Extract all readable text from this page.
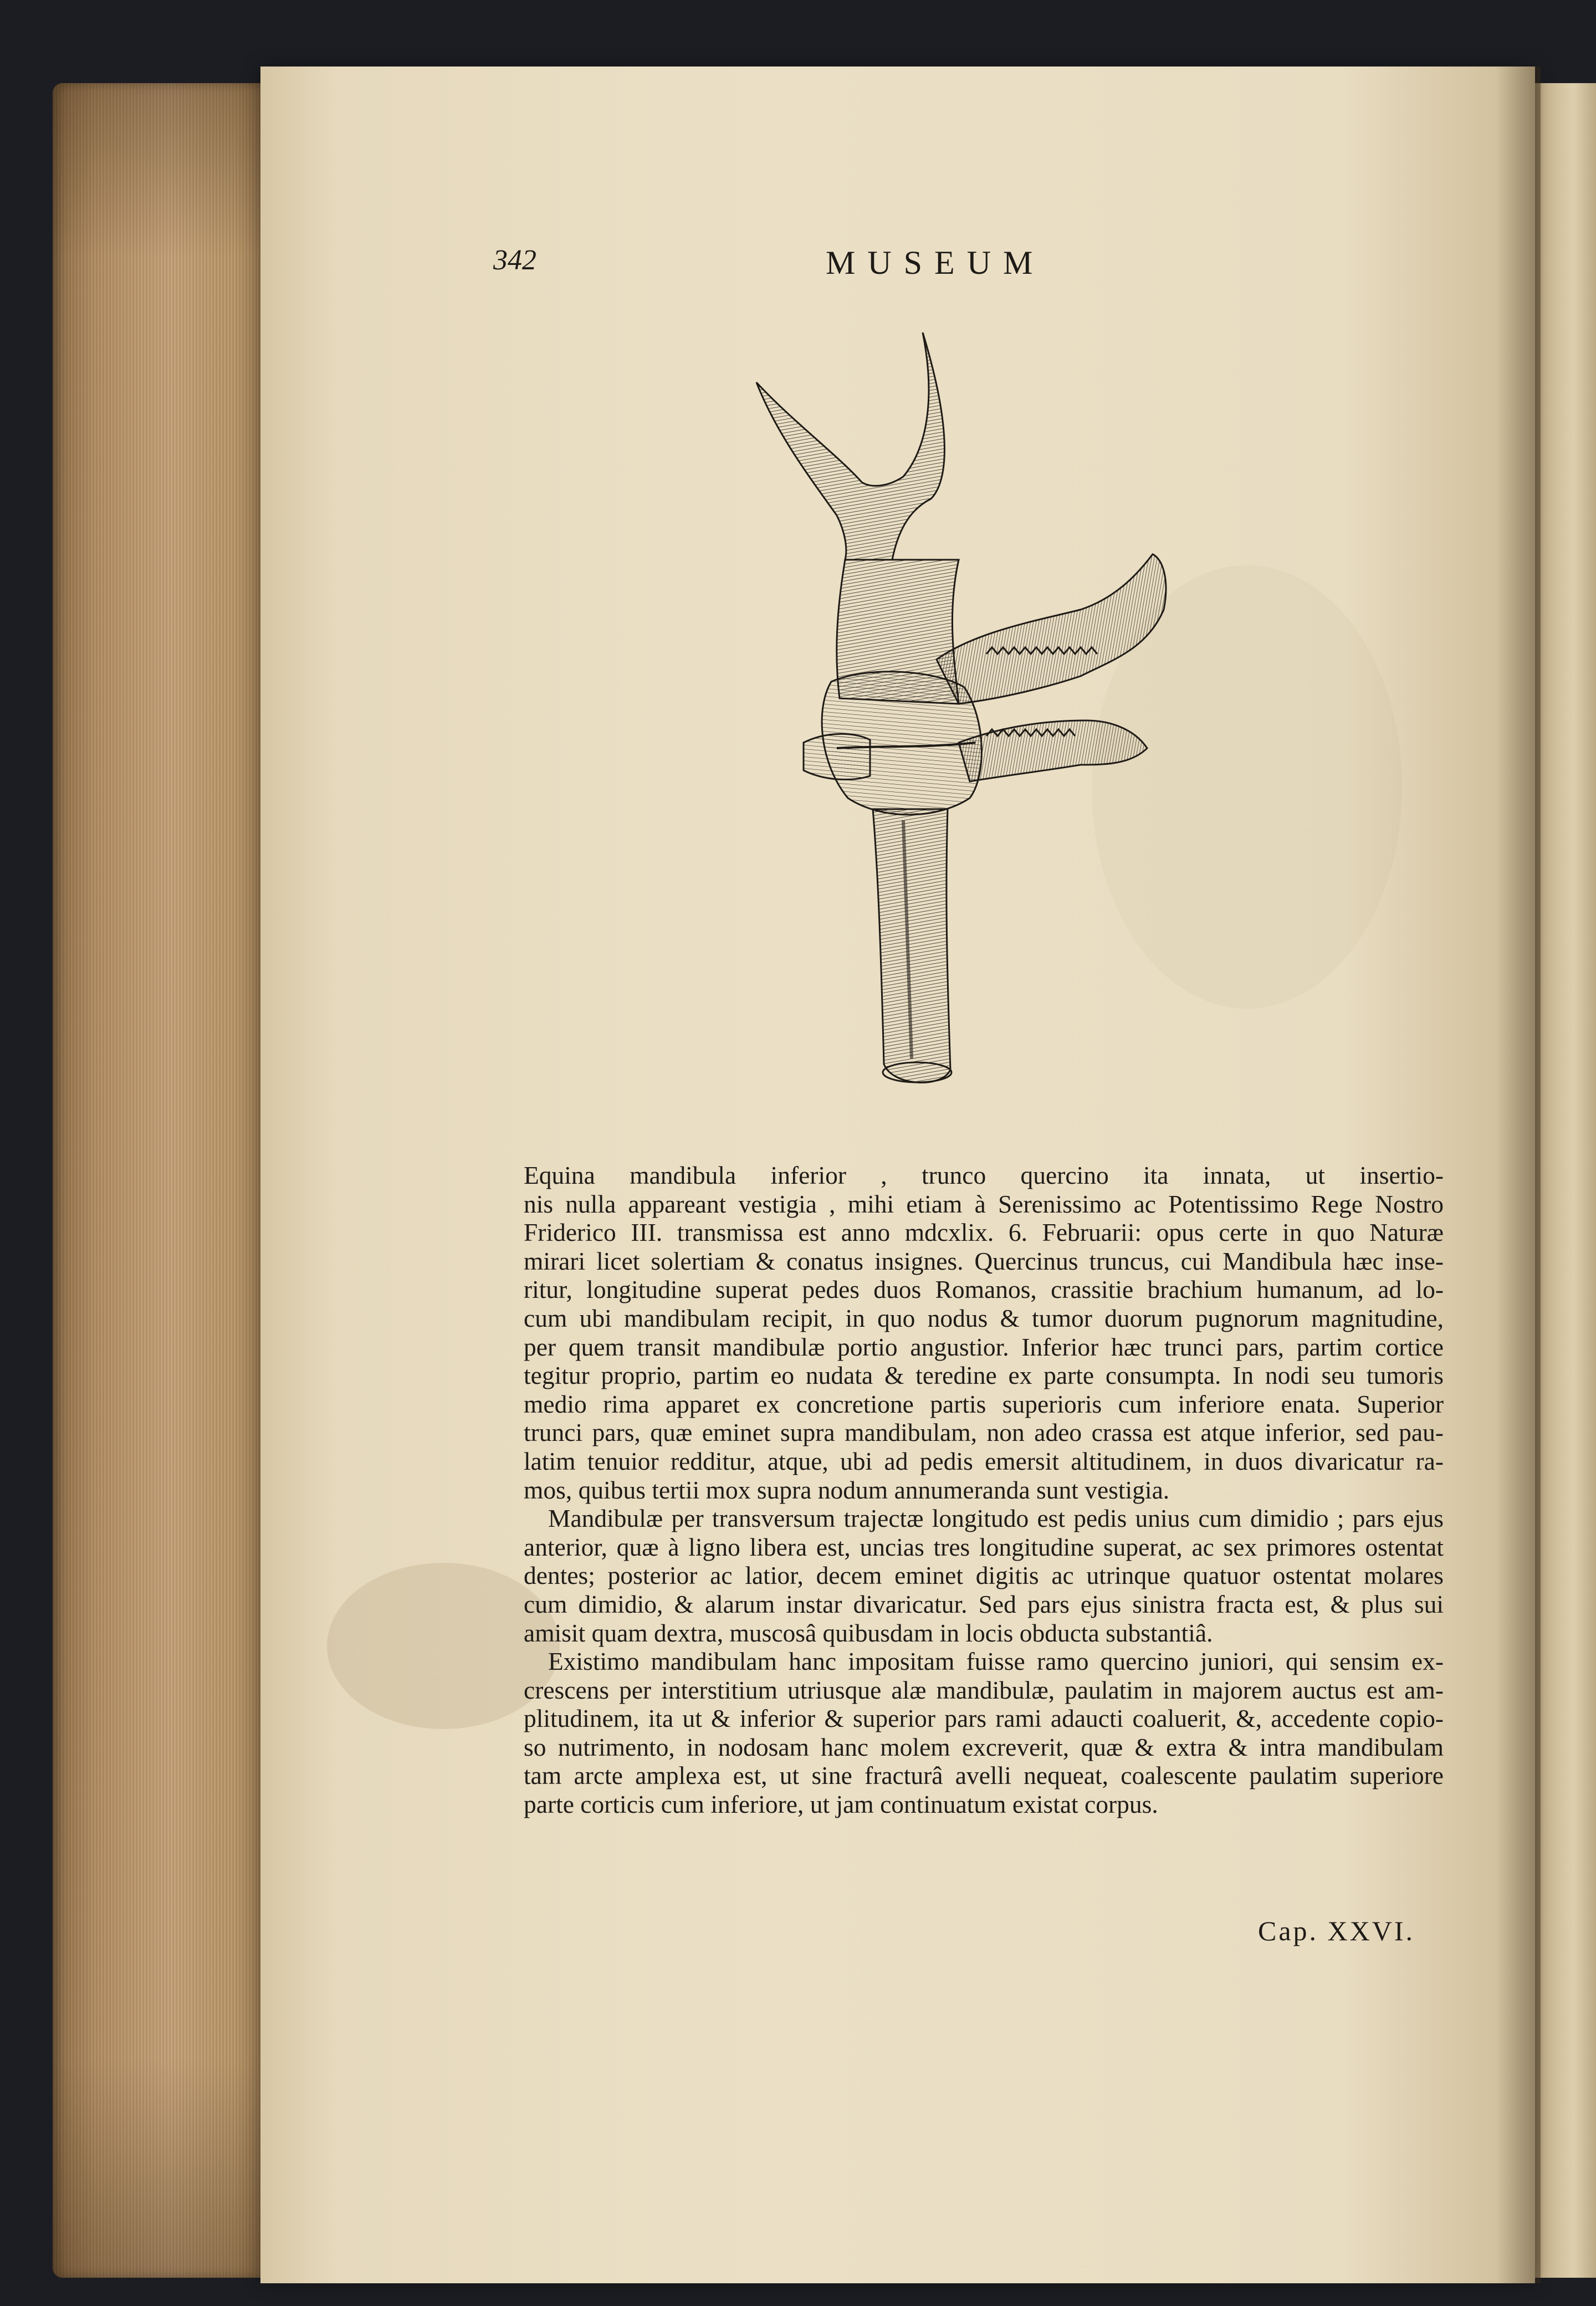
342	MUSEUM

Equina mandibula inferior , trunco quercino ita innata, ut insertio-
nis nulla appareant vestigia , mihi etiam à Serenissimo ac Potentissimo Rege Nostro
Friderico III. transmissa est anno mdcxlix. 6. Februarii: opus certe in quo Naturæ
mirari licet solertiam & conatus insignes. Quercinus truncus, cui Mandibula hæc inse-
ritur, longitudine superat pedes duos Romanos, crassitie brachium humanum, ad lo-
cum ubi mandibulam recipit, in quo nodus & tumor duorum pugnorum magnitudine,
per quem transit mandibulæ portio angustior. Inferior hæc trunci pars, partim cortice
tegitur proprio, partim eo nudata & teredine ex parte consumpta. In nodi seu tumoris
medio rima apparet ex concretione partis superioris cum inferiore enata. Superior
trunci pars, quæ eminet supra mandibulam, non adeo crassa est atque inferior, sed pau-
latim tenuior redditur, atque, ubi ad pedis emersit altitudinem, in duos divaricatur ra-
mos, quibus tertii mox supra nodum annumeranda sunt vestigia.

Mandibulæ per transversum trajectæ longitudo est pedis unius cum dimidio ; pars ejus
anterior, quæ à ligno libera est, uncias tres longitudine superat, ac sex primores ostentat
dentes; posterior ac latior, decem eminet digitis ac utrinque quatuor ostentat molares
cum dimidio, & alarum instar divaricatur. Sed pars ejus sinistra fracta est, & plus sui
amisit quam dextra, muscosâ quibusdam in locis obducta substantiâ.

Existimo mandibulam hanc impositam fuisse ramo quercino juniori, qui sensim ex-
crescens per interstitium utriusque alæ mandibulæ, paulatim in majorem auctus est am-
plitudinem, ita ut & inferior & superior pars rami adaucti coaluerit, &, accedente copio-
so nutrimento, in nodosam hanc molem excreverit, quæ & extra & intra mandibulam
tam arcte amplexa est, ut sine fracturâ avelli nequeat, coalescente paulatim superiore
parte corticis cum inferiore, ut jam continuatum existat corpus.

Cap. XXVI.
